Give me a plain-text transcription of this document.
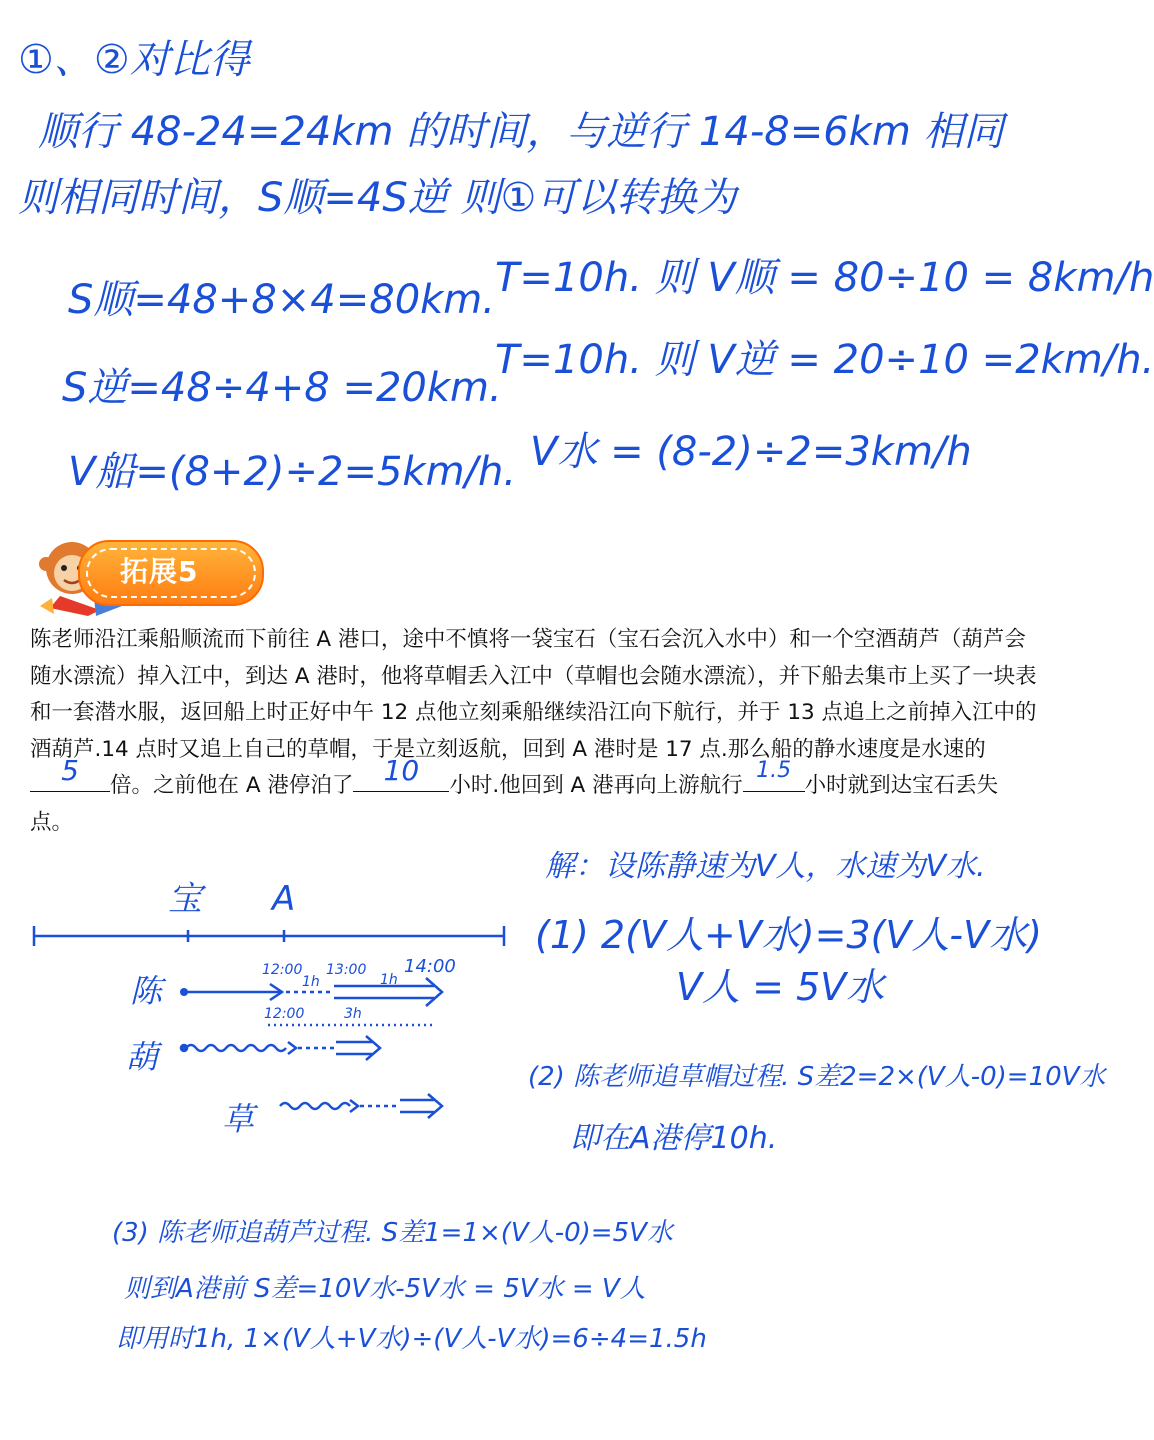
①、②对比得
顺行 48-24=24km 的时间，与逆行 14-8=6km 相同
则相同时间，S顺=4S逆 则①可以转换为
S顺=48+8×4=80km. T=10h. 则 V顺 = 80÷10 = 8km/h
S逆=48÷4+8 =20km.
T=10h. 则 V逆 = 20÷10 =2km/h.
V船=(8+2)÷2=5km/h. V水 = (8-2)÷2=3km/h
拓展5

陈老师沿江乘船顺流而下前往 A 港口，途中不慎将一袋宝石（宝石会沉入水中）和一个空酒葫芦（葫芦会随水漂流）掉入江中，到达 A 港时，他将草帽丢入江中（草帽也会随水漂流），并下船去集市上买了一块表和一套潜水服，返回船上时正好中午 12 点他立刻乘船继续沿江向下航行，并于 13 点追上之前掉入江中的酒葫芦.14 点时又追上自己的草帽，于是立刻返航，回到 A 港时是 17 点.那么船的静水速度是水速的
5	倍。之前他在 A 港停泊了	10	小时.他回到 A 港再向上游航行
1.5
小时就到达宝石丢失点。

宝 A
陈
葫
草
12:00 13:00 14:00
1h	1h
12:00	3h
解：设陈静速为V人，水速为V水.
(1) 2(V人+V水)=3(V人-V水)
V人 = 5V水
(2) 陈老师追草帽过程. S差2=2×(V人-0)=10V水
即在A港停10h.
(3) 陈老师追葫芦过程. S差1=1×(V人-0)=5V水
则到A港前 S差=10V水-5V水 = 5V水 = V人
即用时1h, 1×(V人+V水)÷(V人-V水)=6÷4=1.5h
